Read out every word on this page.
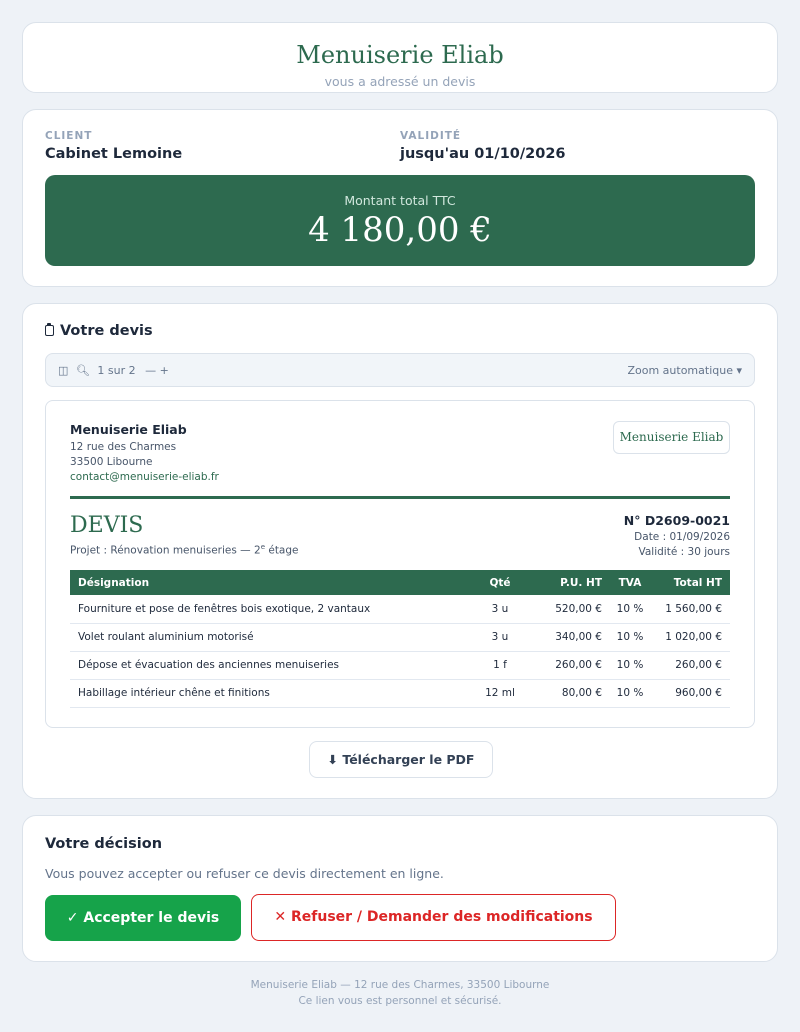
Menuiserie Eliab
vous a adressé un devis
CLIENT
Cabinet Lemoine
VALIDITÉ
jusqu'au 01/10/2026
Montant total TTC
4 180,00 €
Votre devis
◫ 🔍︎ 1 sur 2 — +	Zoom automatique ▾
Menuiserie Eliab
12 rue des Charmes
33500 Libourne
contact@menuiserie-eliab.fr
Menuiserie Eliab
DEVIS
Projet : Rénovation menuiseries — 2e étage
N° D2609-0021
Date : 01/09/2026
Validité : 30 jours
Désignation	Qté	P.U. HT	TVA	Total HT
Fourniture et pose de fenêtres bois exotique, 2 vantaux	3 u	520,00 €	10 %	1 560,00 €
Volet roulant aluminium motorisé	3 u	340,00 €	10 %	1 020,00 €
Dépose et évacuation des anciennes menuiseries	1 f	260,00 €	10 %	260,00 €
Habillage intérieur chêne et finitions	12 ml	80,00 €	10 %	960,00 €
⬇ Télécharger le PDF
Votre décision
Vous pouvez accepter ou refuser ce devis directement en ligne.
✓ Accepter le devis	✕ Refuser / Demander des modifications
Menuiserie Eliab — 12 rue des Charmes, 33500 Libourne
Ce lien vous est personnel et sécurisé.
